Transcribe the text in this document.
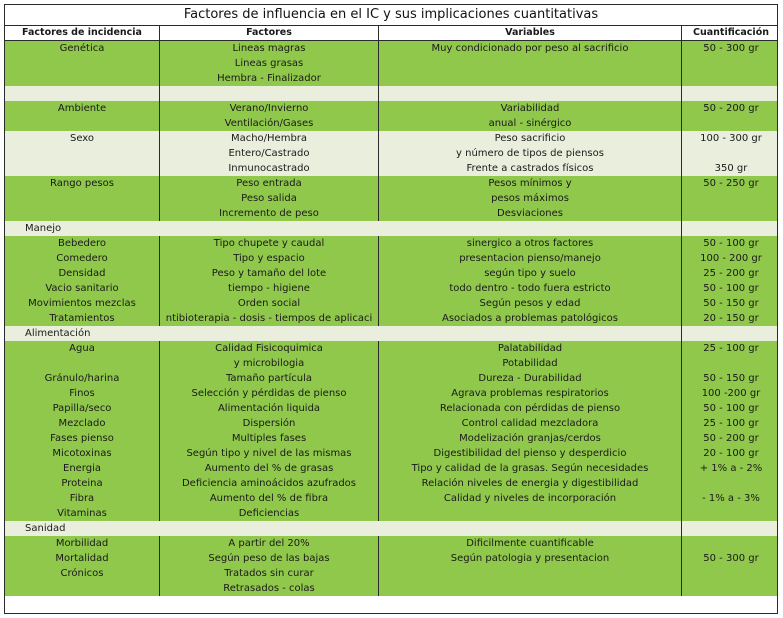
Factores de influencia en el IC y sus implicaciones cuantitativas
Factores de incidencia	Factores	Variables	Cuantificación
Genética	Lineas magras	Muy condicionado por peso al sacrificio	50 - 300 gr
	Lineas grasas		
	Hembra - Finalizador		

Ambiente	Verano/Invierno	Variabilidad	50 - 200 gr
	Ventilación/Gases	anual - sinérgico	
Sexo	Macho/Hembra	Peso sacrificio	100 - 300 gr
	Entero/Castrado	y número de tipos de piensos	
	Inmunocastrado	Frente a castrados físicos	350 gr
Rango pesos	Peso entrada	Pesos mínimos y	50 - 250 gr
	Peso salida	pesos máximos	
	Incremento de peso	Desviaciones	
Manejo			
Bebedero	Tipo chupete y caudal	sinergico a otros factores	50 - 100 gr
Comedero	Tipo y espacio	presentacion pienso/manejo	100 - 200 gr
Densidad	Peso y tamaño del lote	según tipo y suelo	25 - 200 gr
Vacio sanitario	tiempo - higiene	todo dentro - todo fuera estricto	50 - 100 gr
Movimientos mezclas	Orden social	Según pesos y edad	50 - 150 gr
Tratamientos	ntibioterapia - dosis - tiempos de aplicaci	Asociados a problemas patológicos	20 - 150 gr
Alimentación			
Agua	Calidad Fisicoquimica	Palatabilidad	25 - 100 gr
	y microbilogia	Potabilidad	
Gránulo/harina	Tamaño partícula	Dureza - Durabilidad	50 - 150 gr
Finos	Selección y pérdidas de pienso	Agrava problemas respiratorios	100 -200 gr
Papilla/seco	Alimentación liquida	Relacionada con pérdidas de pienso	50 - 100 gr
Mezclado	Dispersión	Control calidad mezcladora	25 - 100 gr
Fases pienso	Multiples fases	Modelización granjas/cerdos	50 - 200 gr
Micotoxinas	Según tipo y nivel de las mismas	Digestibilidad del pienso y desperdicio	20 - 100 gr
Energia	Aumento del % de grasas	Tipo y calidad de la grasas. Según necesidades	+ 1% a - 2%
Proteina	Deficiencia aminoácidos azufrados	Relación niveles de energia y digestibilidad	
Fibra	Aumento del % de fibra	Calidad y niveles de incorporación	- 1% a - 3%
Vitaminas	Deficiencias		
Sanidad			
Morbilidad	A partir del 20%	Dificilmente cuantificable	
Mortalidad	Según peso de las bajas	Según patologia y presentacion	50 - 300 gr
Crónicos	Tratados sin curar		
	Retrasados - colas		
